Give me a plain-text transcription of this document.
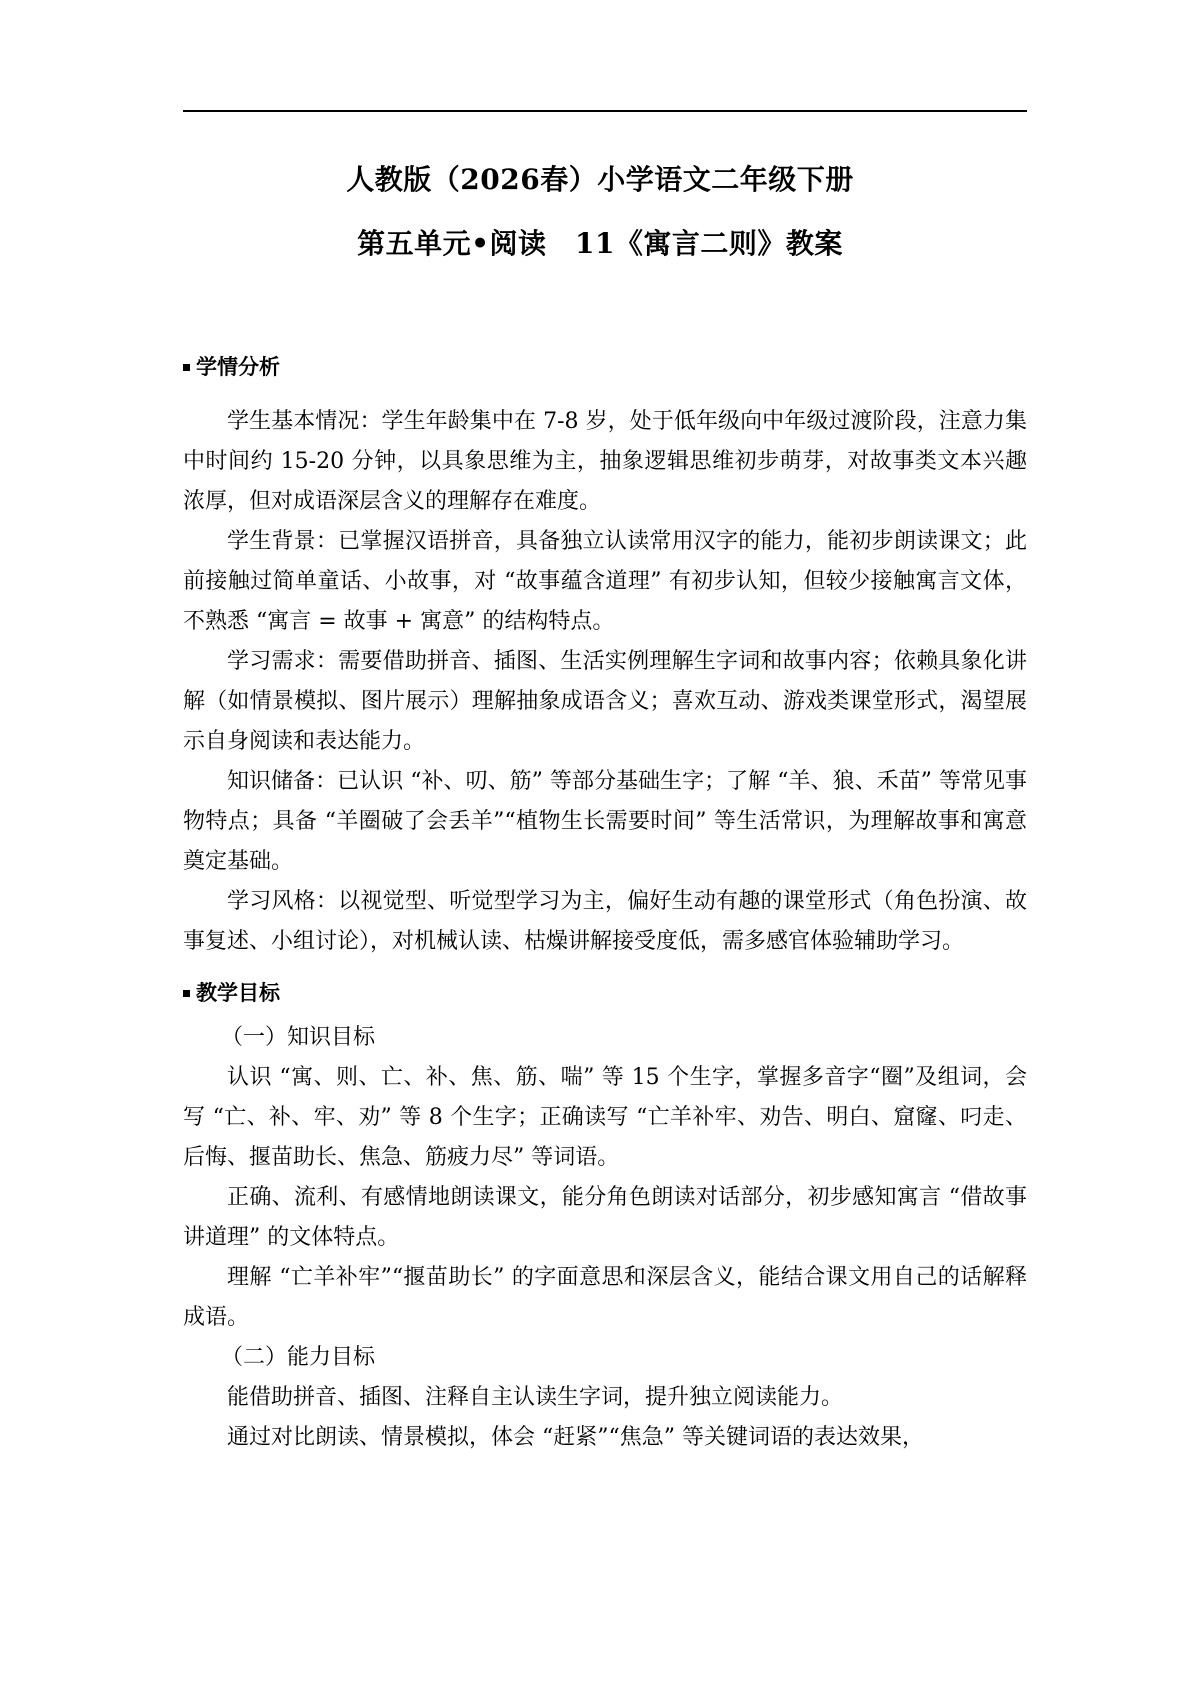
人教版（2026春）小学语文二年级下册
第五单元•阅读　11《寓言二则》教案
学情分析

学生基本情况：学生年龄集中在 7-8 岁，处于低年级向中年级过渡阶段，注意力集中时间约 15-20 分钟，以具象思维为主，抽象逻辑思维初步萌芽，对故事类文本兴趣浓厚，但对成语深层含义的理解存在难度。

学生背景：已掌握汉语拼音，具备独立认读常用汉字的能力，能初步朗读课文；此前接触过简单童话、小故事，对 “故事蕴含道理” 有初步认知，但较少接触寓言文体，不熟悉 “寓言 = 故事 + 寓意” 的结构特点。

学习需求：需要借助拼音、插图、生活实例理解生字词和故事内容；依赖具象化讲解（如情景模拟、图片展示）理解抽象成语含义；喜欢互动、游戏类课堂形式，渴望展示自身阅读和表达能力。

知识储备：已认识 “补、叨、筋” 等部分基础生字；了解 “羊、狼、禾苗” 等常见事物特点；具备 “羊圈破了会丢羊”“植物生长需要时间” 等生活常识，为理解故事和寓意奠定基础。

学习风格：以视觉型、听觉型学习为主，偏好生动有趣的课堂形式（角色扮演、故事复述、小组讨论），对机械认读、枯燥讲解接受度低，需多感官体验辅助学习。

教学目标

（一）知识目标

认识 “寓、则、亡、补、焦、筋、喘” 等 15 个生字，掌握多音字“圈”及组词，会写 “亡、补、牢、劝” 等 8 个生字；正确读写 “亡羊补牢、劝告、明白、窟窿、叼走、后悔、揠苗助长、焦急、筋疲力尽” 等词语。

正确、流利、有感情地朗读课文，能分角色朗读对话部分，初步感知寓言 “借故事讲道理” 的文体特点。

理解 “亡羊补牢”“揠苗助长” 的字面意思和深层含义，能结合课文用自己的话解释成语。

（二）能力目标

能借助拼音、插图、注释自主认读生字词，提升独立阅读能力。

通过对比朗读、情景模拟，体会 “赶紧”“焦急” 等关键词语的表达效果，
